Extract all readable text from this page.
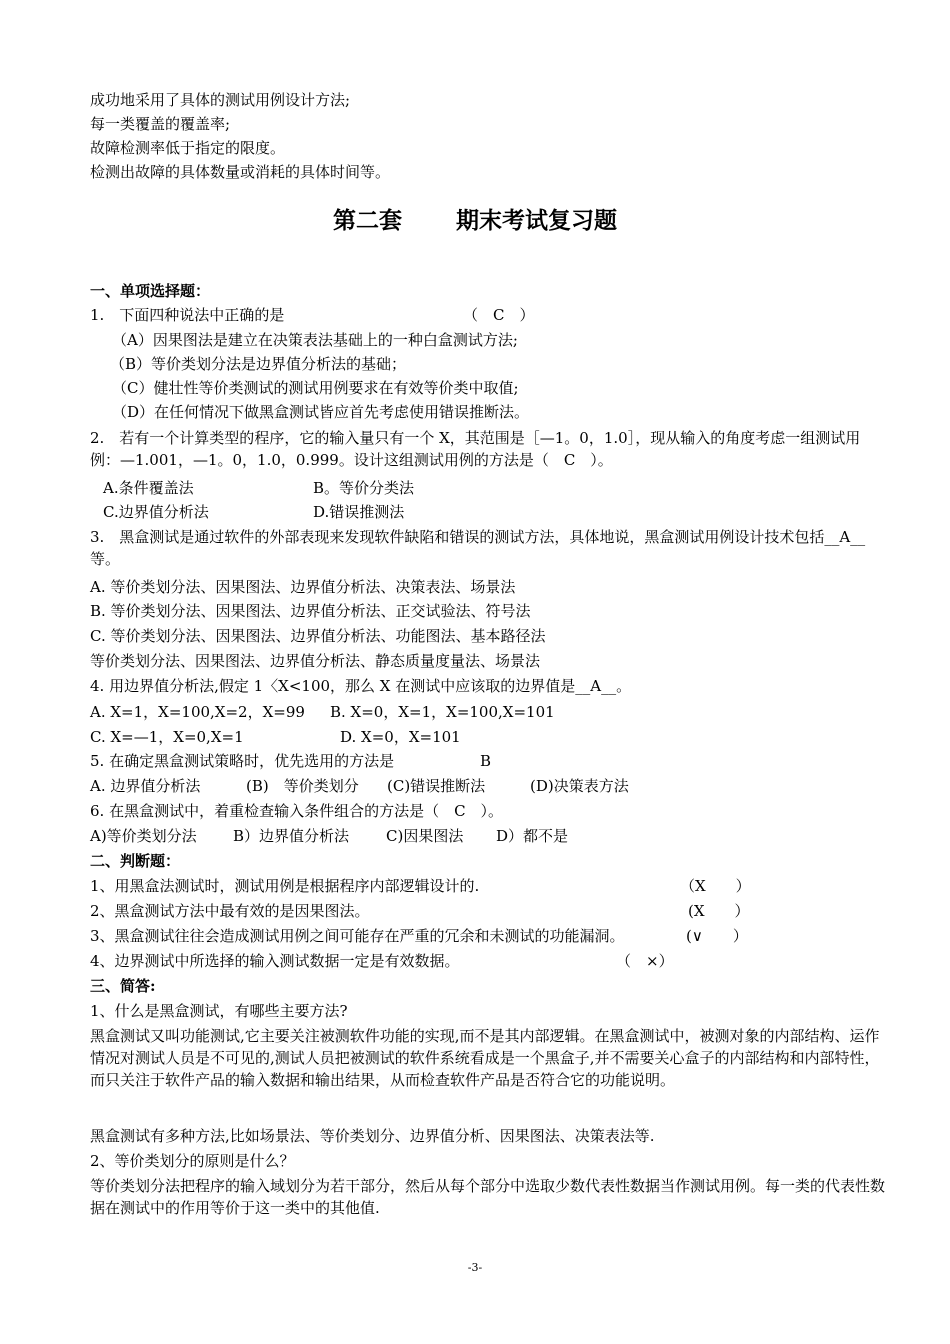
成功地采用了具体的测试用例设计方法;
每一类覆盖的覆盖率;
故障检测率低于指定的限度。
检测出故障的具体数量或消耗的具体时间等。
第二套　　 期末考试复习题
一、单项选择题：
1.　下面四种说法中正确的是	（　C　）
（A）因果图法是建立在决策表法基础上的一种白盒测试方法;
（B）等价类划分法是边界值分析法的基础；
（C）健壮性等价类测试的测试用例要求在有效等价类中取值;
（D）在任何情况下做黑盒测试皆应首先考虑使用错误推断法。
2.　若有一个计算类型的程序，它的输入量只有一个 X，其范围是［—1。0，1.0］，现从输入的角度考虑一组测试用例：—1.001，—1。0，1.0，0.999。设计这组测试用例的方法是（　C　）。
A.条件覆盖法	B。等价分类法
C.边界值分析法	D.错误推测法
3.　黑盒测试是通过软件的外部表现来发现软件缺陷和错误的测试方法，具体地说，黑盒测试用例设计技术包括__A__等。
A. 等价类划分法、因果图法、边界值分析法、决策表法、场景法
B. 等价类划分法、因果图法、边界值分析法、正交试验法、符号法
C. 等价类划分法、因果图法、边界值分析法、功能图法、基本路径法
等价类划分法、因果图法、边界值分析法、静态质量度量法、场景法
4. 用边界值分析法,假定 1〈X<100，那么 X 在测试中应该取的边界值是__A__。
A. X=1，X=100,X=2，X=99 B. X=0，X=1，X=100,X=101
C. X=—1，X=0,X=1	D. X=0，X=101
5. 在确定黑盒测试策略时，优先选用的方法是	B
A. 边界值分析法	(B)　等价类划分 (C)错误推断法	(D)决策表方法
6. 在黑盒测试中，着重检查输入条件组合的方法是（　C　）。
A)等价类划分法 B）边界值分析法 C)因果图法 D）都不是
二、判断题：
1、用黑盒法测试时，测试用例是根据程序内部逻辑设计的.	（X　　）
2、黑盒测试方法中最有效的是因果图法。	(X　　）
3、黑盒测试往往会造成测试用例之间可能存在严重的冗余和未测试的功能漏洞。	(∨　　）
4、边界测试中所选择的输入测试数据一定是有效数据。	（　×）
三、简答:
1、什么是黑盒测试，有哪些主要方法?
黑盒测试又叫功能测试,它主要关注被测软件功能的实现,而不是其内部逻辑。在黑盒测试中，被测对象的内部结构、运作情况对测试人员是不可见的,测试人员把被测试的软件系统看成是一个黑盒子,并不需要关心盒子的内部结构和内部特性，而只关注于软件产品的输入数据和输出结果，从而检查软件产品是否符合它的功能说明。
黑盒测试有多种方法,比如场景法、等价类划分、边界值分析、因果图法、决策表法等.
2、等价类划分的原则是什么？
等价类划分法把程序的输入域划分为若干部分，然后从每个部分中选取少数代表性数据当作测试用例。每一类的代表性数据在测试中的作用等价于这一类中的其他值.
-3-
